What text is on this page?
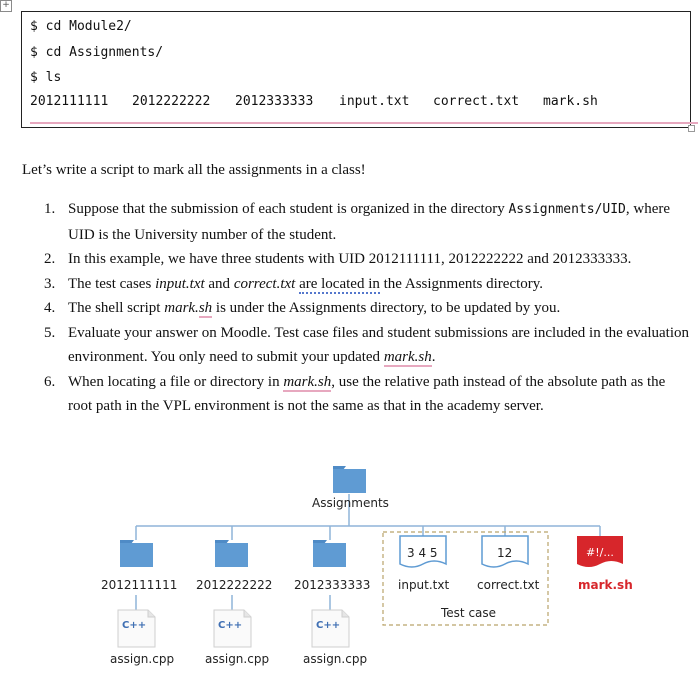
+
$ cd Module2/
$ cd Assignments/
$ ls
2012111111 2012222222 2012333333 input.txt correct.txt mark.sh
Let’s write a script to mark all the assignments in a class!
1. Suppose that the submission of each student is organized in the directory Assignments/UID, where UID is the University number of the student.
2. In this example, we have three students with UID 2012111111, 2012222222 and 2012333333.
3. The test cases input.txt and correct.txt are located in the Assignments directory.
4. The shell script mark.sh is under the Assignments directory, to be updated by you.
5. Evaluate your answer on Moodle. Test case files and student submissions are included in the evaluation environment. You only need to submit your updated mark.sh.
6. When locating a file or directory in mark.sh, use the relative path instead of the absolute path as the root path in the VPL environment is not the same as that in the academy server.
Assignments
2012111111 2012222222 2012333333
3 4 5	12	#!/...
input.txt correct.txt	mark.sh
Test case
C++	C++	C++
assign.cpp	assign.cpp	assign.cpp
